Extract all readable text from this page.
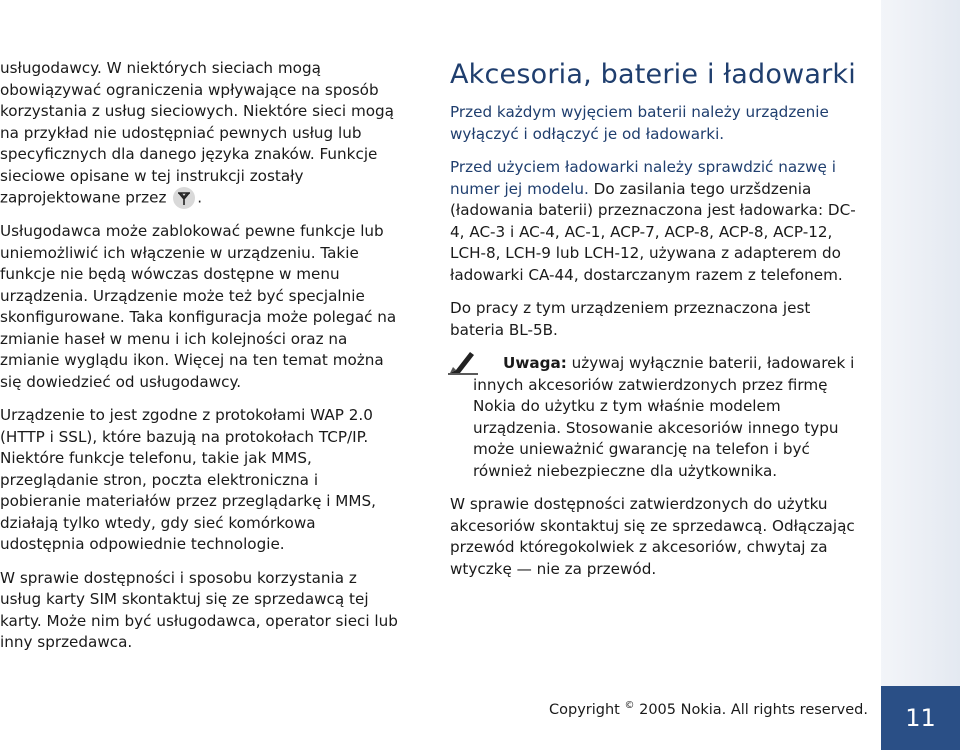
usługodawcy. W niektórych sieciach mogą obowiązywać ograniczenia wpływające na sposób korzystania z usług sieciowych. Niektóre sieci mogą na przykład nie udostępniać pewnych usług lub specyficznych dla danego języka znaków. Funkcje sieciowe opisane w tej instrukcji zostały zaprojektowane przez .

Usługodawca może zablokować pewne funkcje lub uniemożliwić ich włączenie w urządzeniu. Takie funkcje nie będą wówczas dostępne w menu urządzenia. Urządzenie może też być specjalnie skonfigurowane. Taka konfiguracja może polegać na zmianie haseł w menu i ich kolejności oraz na zmianie wyglądu ikon. Więcej na ten temat można się dowiedzieć od usługodawcy.

Urządzenie to jest zgodne z protokołami WAP 2.0 (HTTP i SSL), które bazują na protokołach TCP/IP. Niektóre funkcje telefonu, takie jak MMS, przeglądanie stron, poczta elektroniczna i pobieranie materiałów przez przeglądarkę i MMS, działają tylko wtedy, gdy sieć komórkowa udostępnia odpowiednie technologie.

W sprawie dostępności i sposobu korzystania z usług karty SIM skontaktuj się ze sprzedawcą tej karty. Może nim być usługodawca, operator sieci lub inny sprzedawca.

Akcesoria, baterie i ładowarki

Przed każdym wyjęciem baterii należy urządzenie wyłączyć i odłączyć je od ładowarki.

Przed użyciem ładowarki należy sprawdzić nazwę i numer jej modelu. Do zasilania tego urzšdzenia (ładowania baterii) przeznaczona jest ładowarka: DC-4, AC-3 i AC-4, AC-1, ACP-7, ACP-8, ACP-8, ACP-12, LCH-8, LCH-9 lub LCH-12, używana z adapterem do ładowarki CA-44, dostarczanym razem z telefonem.

Do pracy z tym urządzeniem przeznaczona jest bateria BL-5B.

Uwaga: używaj wyłącznie baterii, ładowarek i innych akcesoriów zatwierdzonych przez firmę Nokia do użytku z tym właśnie modelem urządzenia. Stosowanie akcesoriów innego typu może unieważnić gwarancję na telefon i być również niebezpieczne dla użytkownika.

W sprawie dostępności zatwierdzonych do użytku akcesoriów skontaktuj się ze sprzedawcą. Odłączając przewód któregokolwiek z akcesoriów, chwytaj za wtyczkę — nie za przewód.

11
Copyright © 2005 Nokia. All rights reserved.
